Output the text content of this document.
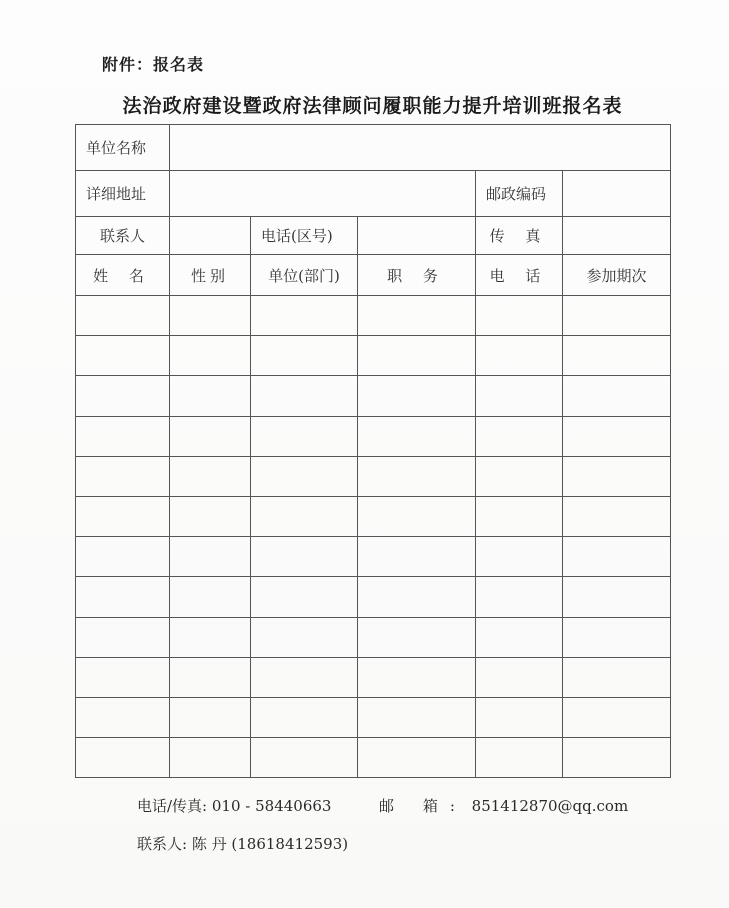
附件：报名表
法治政府建设暨政府法律顾问履职能力提升培训班报名表
单位名称					
详细地址				邮政编码	
联系人		电话(区号)		传 真	
姓 名	性别	单位(部门)	职 务	电 话	参加期次

电话/传真: 010 - 58440663	邮 箱: 851412870@qq.com
联系人: 陈 丹 (18618412593)
